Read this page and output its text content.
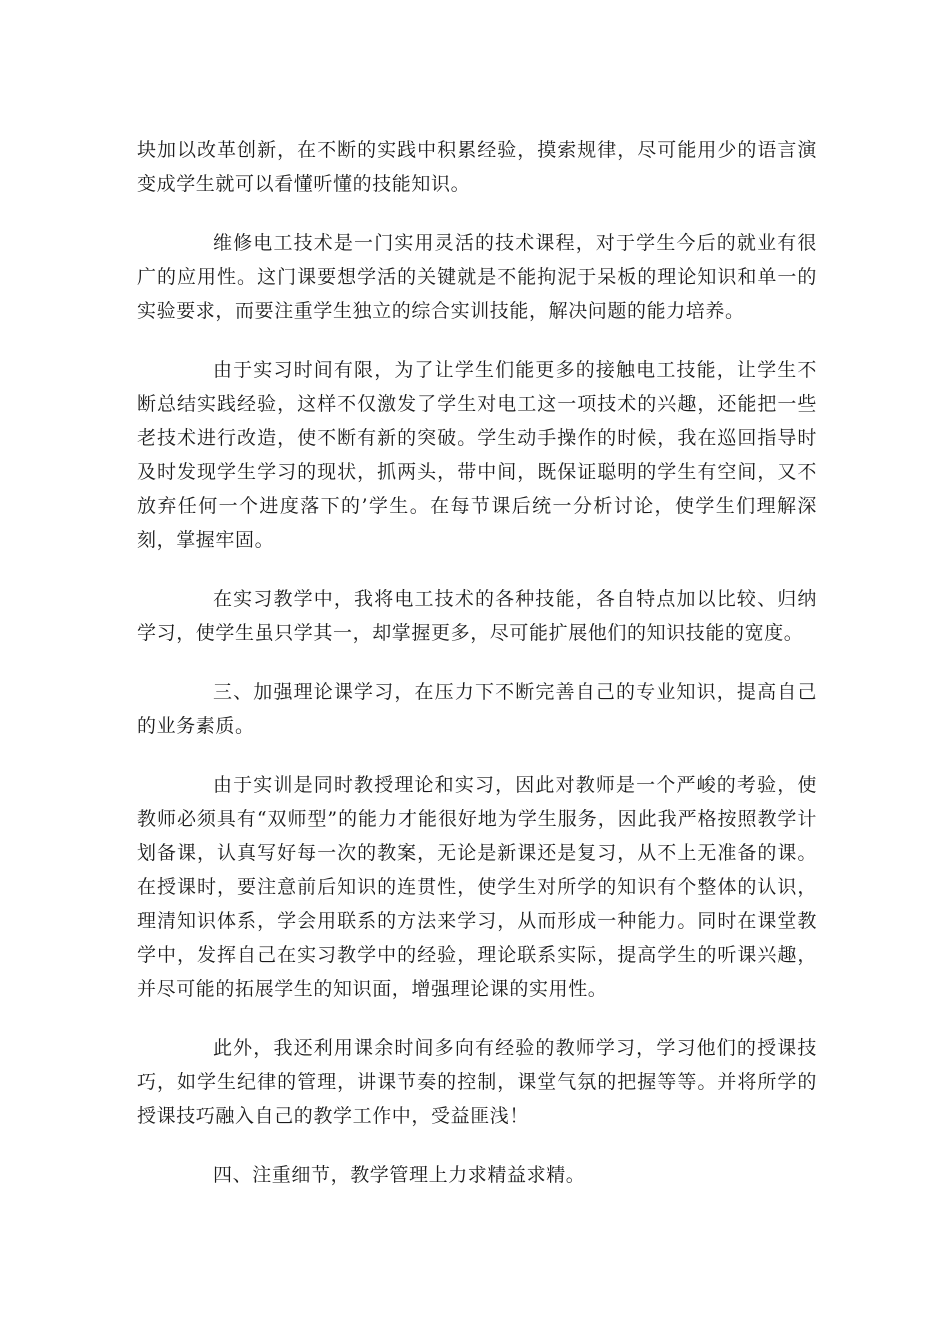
块加以改革创新，在不断的实践中积累经验，摸索规律，尽可能用少的语言演变成学生就可以看懂听懂的技能知识。

维修电工技术是一门实用灵活的技术课程，对于学生今后的就业有很广的应用性。这门课要想学活的关键就是不能拘泥于呆板的理论知识和单一的实验要求，而要注重学生独立的综合实训技能，解决问题的能力培养。

由于实习时间有限，为了让学生们能更多的接触电工技能，让学生不断总结实践经验，这样不仅激发了学生对电工这一项技术的兴趣，还能把一些老技术进行改造，使不断有新的突破。学生动手操作的时候，我在巡回指导时及时发现学生学习的现状，抓两头，带中间，既保证聪明的学生有空间，又不放弃任何一个进度落下的’学生。在每节课后统一分析讨论，使学生们理解深刻，掌握牢固。

在实习教学中，我将电工技术的各种技能，各自特点加以比较、归纳学习，使学生虽只学其一，却掌握更多，尽可能扩展他们的知识技能的宽度。

三、加强理论课学习，在压力下不断完善自己的专业知识，提高自己的业务素质。

由于实训是同时教授理论和实习，因此对教师是一个严峻的考验，使教师必须具有“双师型”的能力才能很好地为学生服务，因此我严格按照教学计划备课，认真写好每一次的教案，无论是新课还是复习，从不上无准备的课。在授课时，要注意前后知识的连贯性，使学生对所学的知识有个整体的认识，理清知识体系，学会用联系的方法来学习，从而形成一种能力。同时在课堂教学中，发挥自己在实习教学中的经验，理论联系实际，提高学生的听课兴趣，并尽可能的拓展学生的知识面，增强理论课的实用性。

此外，我还利用课余时间多向有经验的教师学习，学习他们的授课技巧，如学生纪律的管理，讲课节奏的控制，课堂气氛的把握等等。并将所学的授课技巧融入自己的教学工作中，受益匪浅！

四、注重细节，教学管理上力求精益求精。
